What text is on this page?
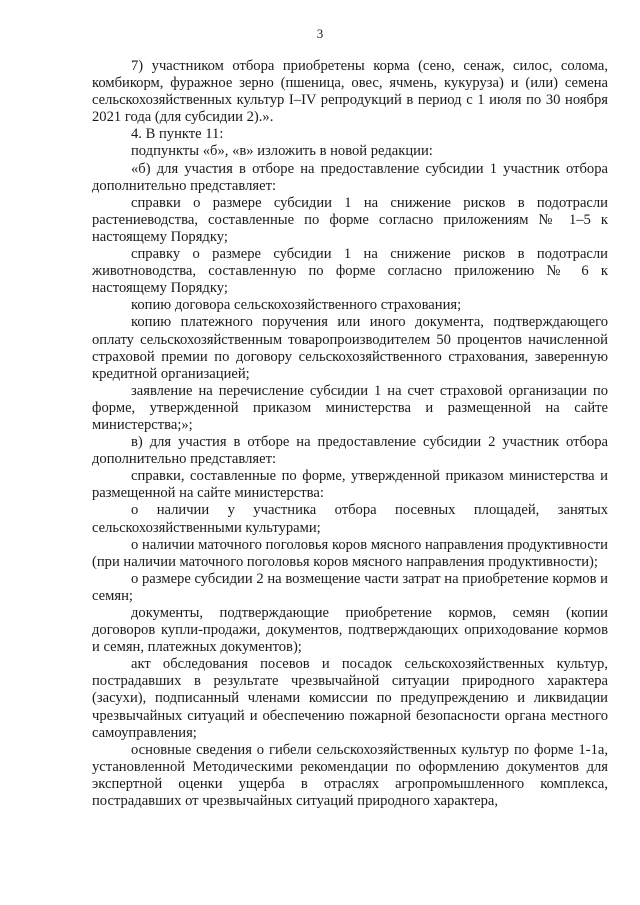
3

7) участником отбора приобретены корма (сено, сенаж, силос, солома, комбикорм, фуражное зерно (пшеница, овес, ячмень, кукуруза) и (или) семена сельскохозяйственных культур I–IV репродукций в период с 1 июля по 30 ноября 2021 года (для субсидии 2).».

4. В пункте 11:

подпункты «б», «в» изложить в новой редакции:

«б) для участия в отборе на предоставление субсидии 1 участник отбора дополнительно представляет:

справки о размере субсидии 1 на снижение рисков в подотрасли растениеводства, составленные по форме согласно приложениям № 1–5 к настоящему Порядку;

справку о размере субсидии 1 на снижение рисков в подотрасли животноводства, составленную по форме согласно приложению № 6 к настоящему Порядку;

копию договора сельскохозяйственного страхования;

копию платежного поручения или иного документа, подтверждающего оплату сельскохозяйственным товаропроизводителем 50 процентов начисленной страховой премии по договору сельскохозяйственного страхования, заверенную кредитной организацией;

заявление на перечисление субсидии 1 на счет страховой организации по форме, утвержденной приказом министерства и размещенной на сайте министерства;»;

в) для участия в отборе на предоставление субсидии 2 участник отбора дополнительно представляет:

справки, составленные по форме, утвержденной приказом министерства и размещенной на сайте министерства:

о наличии у участника отбора посевных площадей, занятых сельскохозяйственными культурами;

о наличии маточного поголовья коров мясного направления продуктивности (при наличии маточного поголовья коров мясного направления продуктивности);

о размере субсидии 2 на возмещение части затрат на приобретение кормов и семян;

документы, подтверждающие приобретение кормов, семян (копии договоров купли-продажи, документов, подтверждающих оприходование кормов и семян, платежных документов);

акт обследования посевов и посадок сельскохозяйственных культур, пострадавших в результате чрезвычайной ситуации природного характера (засухи), подписанный членами комиссии по предупреждению и ликвидации чрезвычайных ситуаций и обеспечению пожарной безопасности органа местного самоуправления;

основные сведения о гибели сельскохозяйственных культур по форме 1-1а, установленной Методическими рекомендации по оформлению документов для экспертной оценки ущерба в отраслях агропромышленного комплекса, пострадавших от чрезвычайных ситуаций природного характера,
